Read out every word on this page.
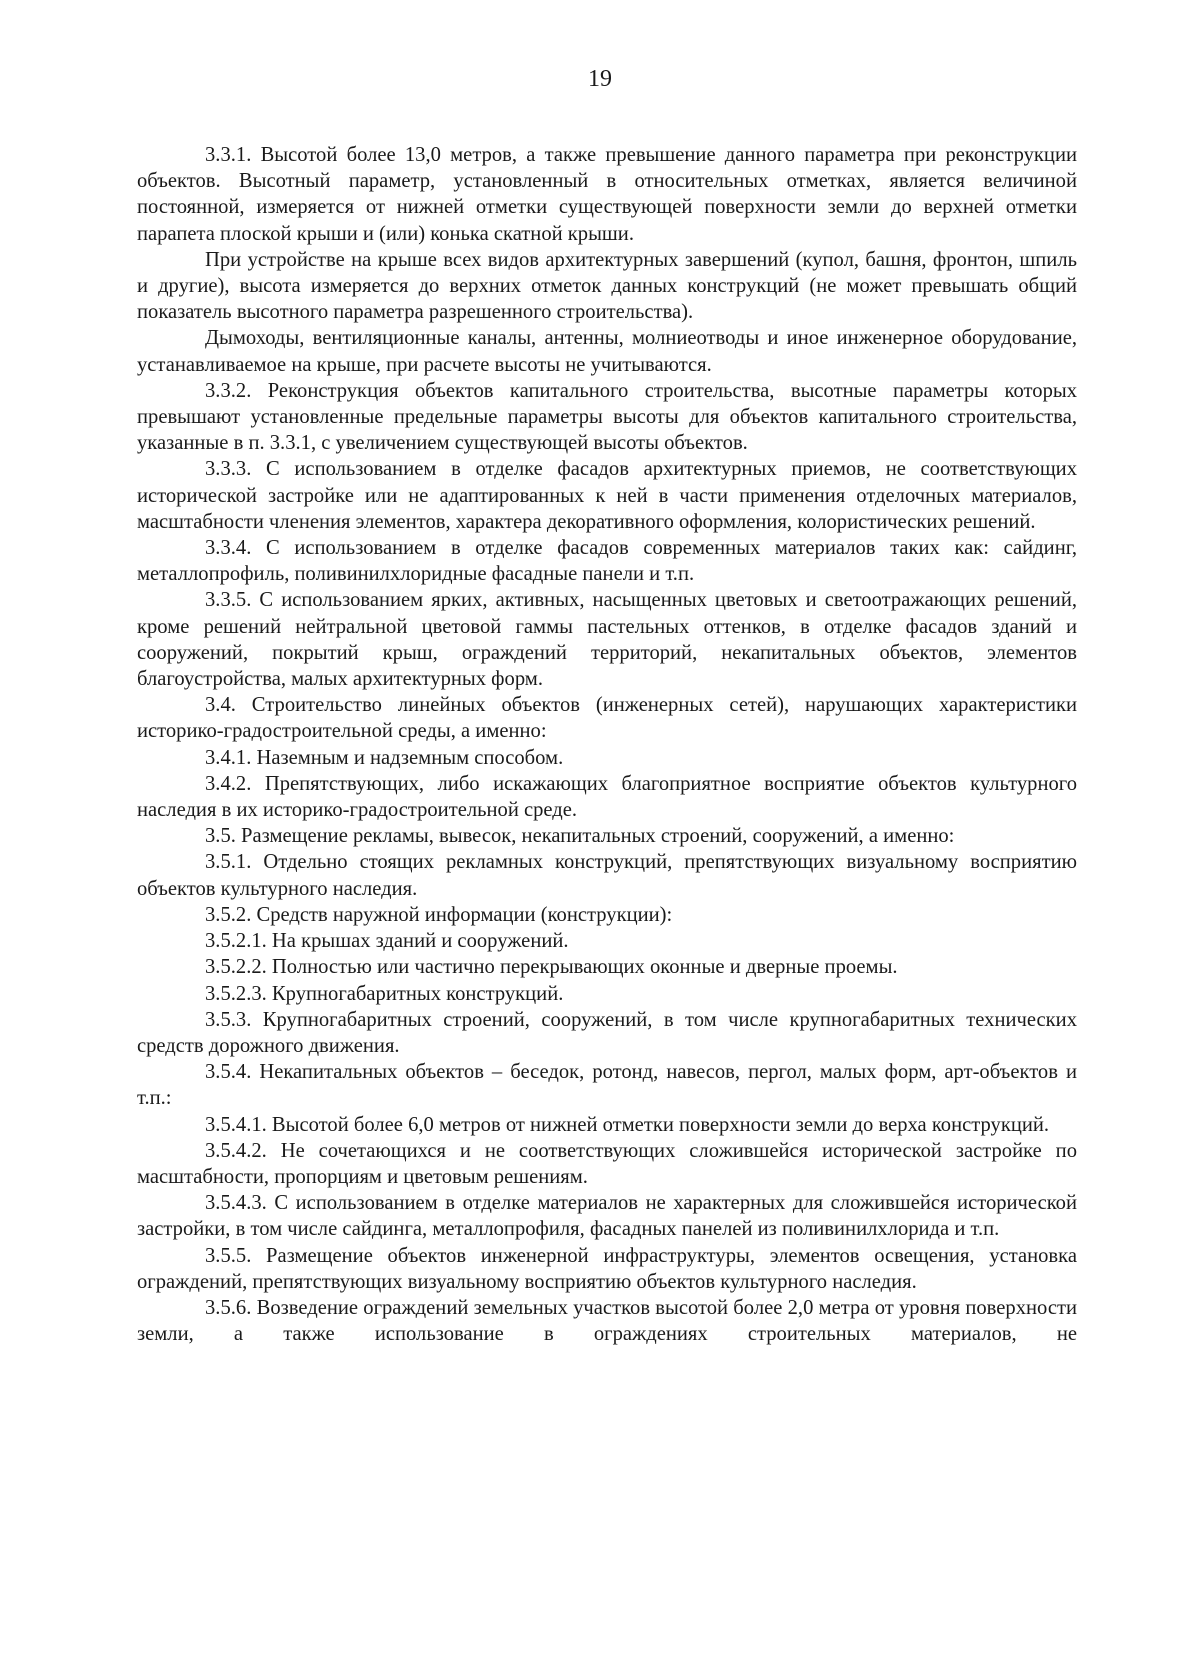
19

3.3.1. Высотой более 13,0 метров, а также превышение данного параметра при реконструкции объектов. Высотный параметр, установленный в относительных отметках, является величиной постоянной, измеряется от нижней отметки существующей поверхности земли до верхней отметки парапета плоской крыши и (или) конька скатной крыши.

При устройстве на крыше всех видов архитектурных завершений (купол, башня, фронтон, шпиль и другие), высота измеряется до верхних отметок данных конструкций (не может превышать общий показатель высотного параметра разрешенного строительства).

Дымоходы, вентиляционные каналы, антенны, молниеотводы и иное инженерное оборудование, устанавливаемое на крыше, при расчете высоты не учитываются.

3.3.2. Реконструкция объектов капитального строительства, высотные параметры которых превышают установленные предельные параметры высоты для объектов капитального строительства, указанные в п. 3.3.1, с увеличением существующей высоты объектов.

3.3.3. С использованием в отделке фасадов архитектурных приемов, не соответствующих исторической застройке или не адаптированных к ней в части применения отделочных материалов, масштабности членения элементов, характера декоративного оформления, колористических решений.

3.3.4. С использованием в отделке фасадов современных материалов таких как: сайдинг, металлопрофиль, поливинилхлоридные фасадные панели и т.п.

3.3.5. С использованием ярких, активных, насыщенных цветовых и светоотражающих решений, кроме решений нейтральной цветовой гаммы пастельных оттенков, в отделке фасадов зданий и сооружений, покрытий крыш, ограждений территорий, некапитальных объектов, элементов благоустройства, малых архитектурных форм.

3.4. Строительство линейных объектов (инженерных сетей), нарушающих характеристики историко-градостроительной среды, а именно:

3.4.1. Наземным и надземным способом.

3.4.2. Препятствующих, либо искажающих благоприятное восприятие объектов культурного наследия в их историко-градостроительной среде.

3.5. Размещение рекламы, вывесок, некапитальных строений, сооружений, а именно:

3.5.1. Отдельно стоящих рекламных конструкций, препятствующих визуальному восприятию объектов культурного наследия.

3.5.2. Средств наружной информации (конструкции):

3.5.2.1. На крышах зданий и сооружений.

3.5.2.2. Полностью или частично перекрывающих оконные и дверные проемы.

3.5.2.3. Крупногабаритных конструкций.

3.5.3. Крупногабаритных строений, сооружений, в том числе крупногабаритных технических средств дорожного движения.

3.5.4. Некапитальных объектов – беседок, ротонд, навесов, пергол, малых форм, арт-объектов и т.п.:

3.5.4.1. Высотой более 6,0 метров от нижней отметки поверхности земли до верха конструкций.

3.5.4.2. Не сочетающихся и не соответствующих сложившейся исторической застройке по масштабности, пропорциям и цветовым решениям.

3.5.4.3. С использованием в отделке материалов не характерных для сложившейся исторической застройки, в том числе сайдинга, металлопрофиля, фасадных панелей из поливинилхлорида и т.п.

3.5.5. Размещение объектов инженерной инфраструктуры, элементов освещения, установка ограждений, препятствующих визуальному восприятию объектов культурного наследия.

3.5.6. Возведение ограждений земельных участков высотой более 2,0 метра от уровня поверхности земли, а также использование в ограждениях строительных материалов, не
